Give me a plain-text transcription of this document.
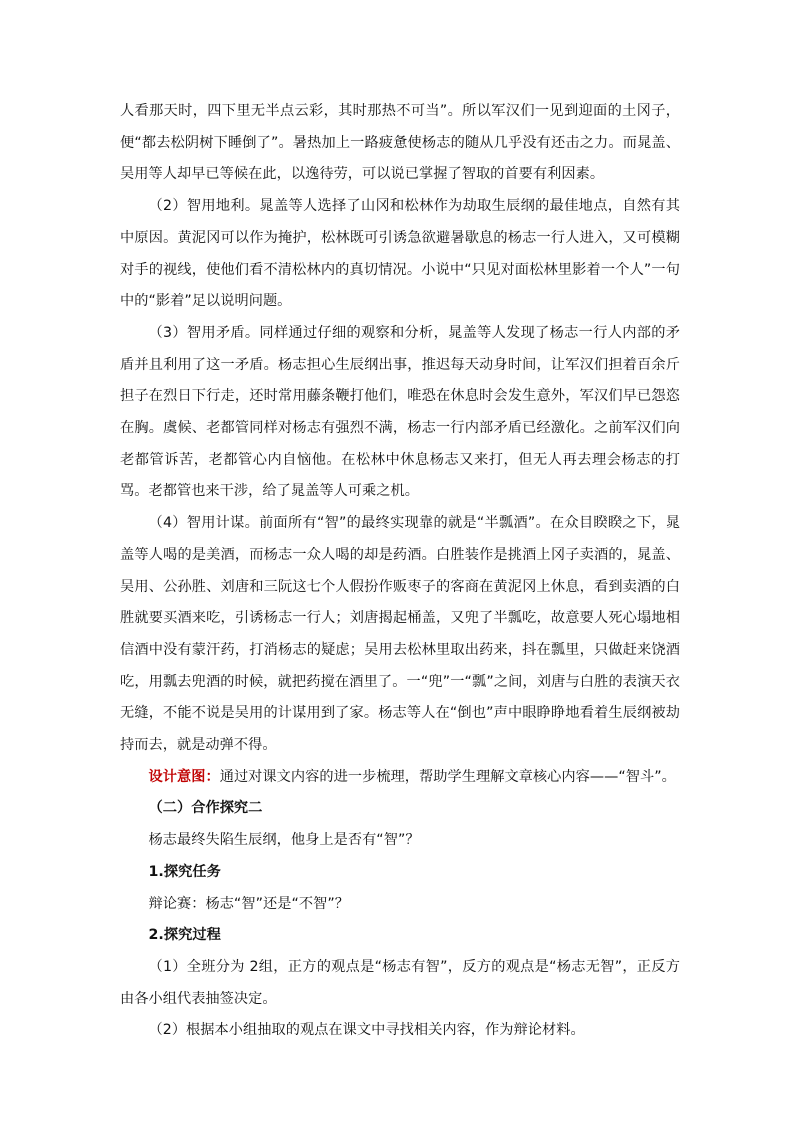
人看那天时，四下里无半点云彩，其时那热不可当”。所以军汉们一见到迎面的土冈子，便“都去松阴树下睡倒了”。暑热加上一路疲惫使杨志的随从几乎没有还击之力。而晁盖、吴用等人却早已等候在此，以逸待劳，可以说已掌握了智取的首要有利因素。

（2）智用地利。晁盖等人选择了山冈和松林作为劫取生辰纲的最佳地点，自然有其中原因。黄泥冈可以作为掩护，松林既可引诱急欲避暑歇息的杨志一行人进入，又可模糊对手的视线，使他们看不清松林内的真切情况。小说中“只见对面松林里影着一个人”一句中的“影着”足以说明问题。

（3）智用矛盾。同样通过仔细的观察和分析，晁盖等人发现了杨志一行人内部的矛盾并且利用了这一矛盾。杨志担心生辰纲出事，推迟每天动身时间，让军汉们担着百余斤担子在烈日下行走，还时常用藤条鞭打他们，唯恐在休息时会发生意外，军汉们早已怨恣在胸。虞候、老都管同样对杨志有强烈不满，杨志一行内部矛盾已经激化。之前军汉们向老都管诉苦，老都管心内自恼他。在松林中休息杨志又来打，但无人再去理会杨志的打骂。老都管也来干涉，给了晁盖等人可乘之机。

（4）智用计谋。前面所有“智”的最终实现靠的就是“半瓢酒”。在众目睽睽之下，晁盖等人喝的是美酒，而杨志一众人喝的却是药酒。白胜装作是挑酒上冈子卖酒的，晁盖、吴用、公孙胜、刘唐和三阮这七个人假扮作贩枣子的客商在黄泥冈上休息，看到卖酒的白胜就要买酒来吃，引诱杨志一行人；刘唐揭起桶盖，又兜了半瓢吃，故意要人死心塌地相信酒中没有蒙汗药，打消杨志的疑虑；吴用去松林里取出药来，抖在瓢里，只做赶来饶酒吃，用瓢去兜酒的时候，就把药搅在酒里了。一“兜”一“瓢”之间，刘唐与白胜的表演天衣无缝，不能不说是吴用的计谋用到了家。杨志等人在“倒也”声中眼睁睁地看着生辰纲被劫持而去，就是动弹不得。

设计意图：通过对课文内容的进一步梳理，帮助学生理解文章核心内容——“智斗”。

（二）合作探究二

杨志最终失陷生辰纲，他身上是否有“智”？

1.探究任务

辩论赛：杨志“智”还是“不智”？

2.探究过程

（1）全班分为 2组，正方的观点是“杨志有智”，反方的观点是“杨志无智”，正反方由各小组代表抽签决定。

（2）根据本小组抽取的观点在课文中寻找相关内容，作为辩论材料。
